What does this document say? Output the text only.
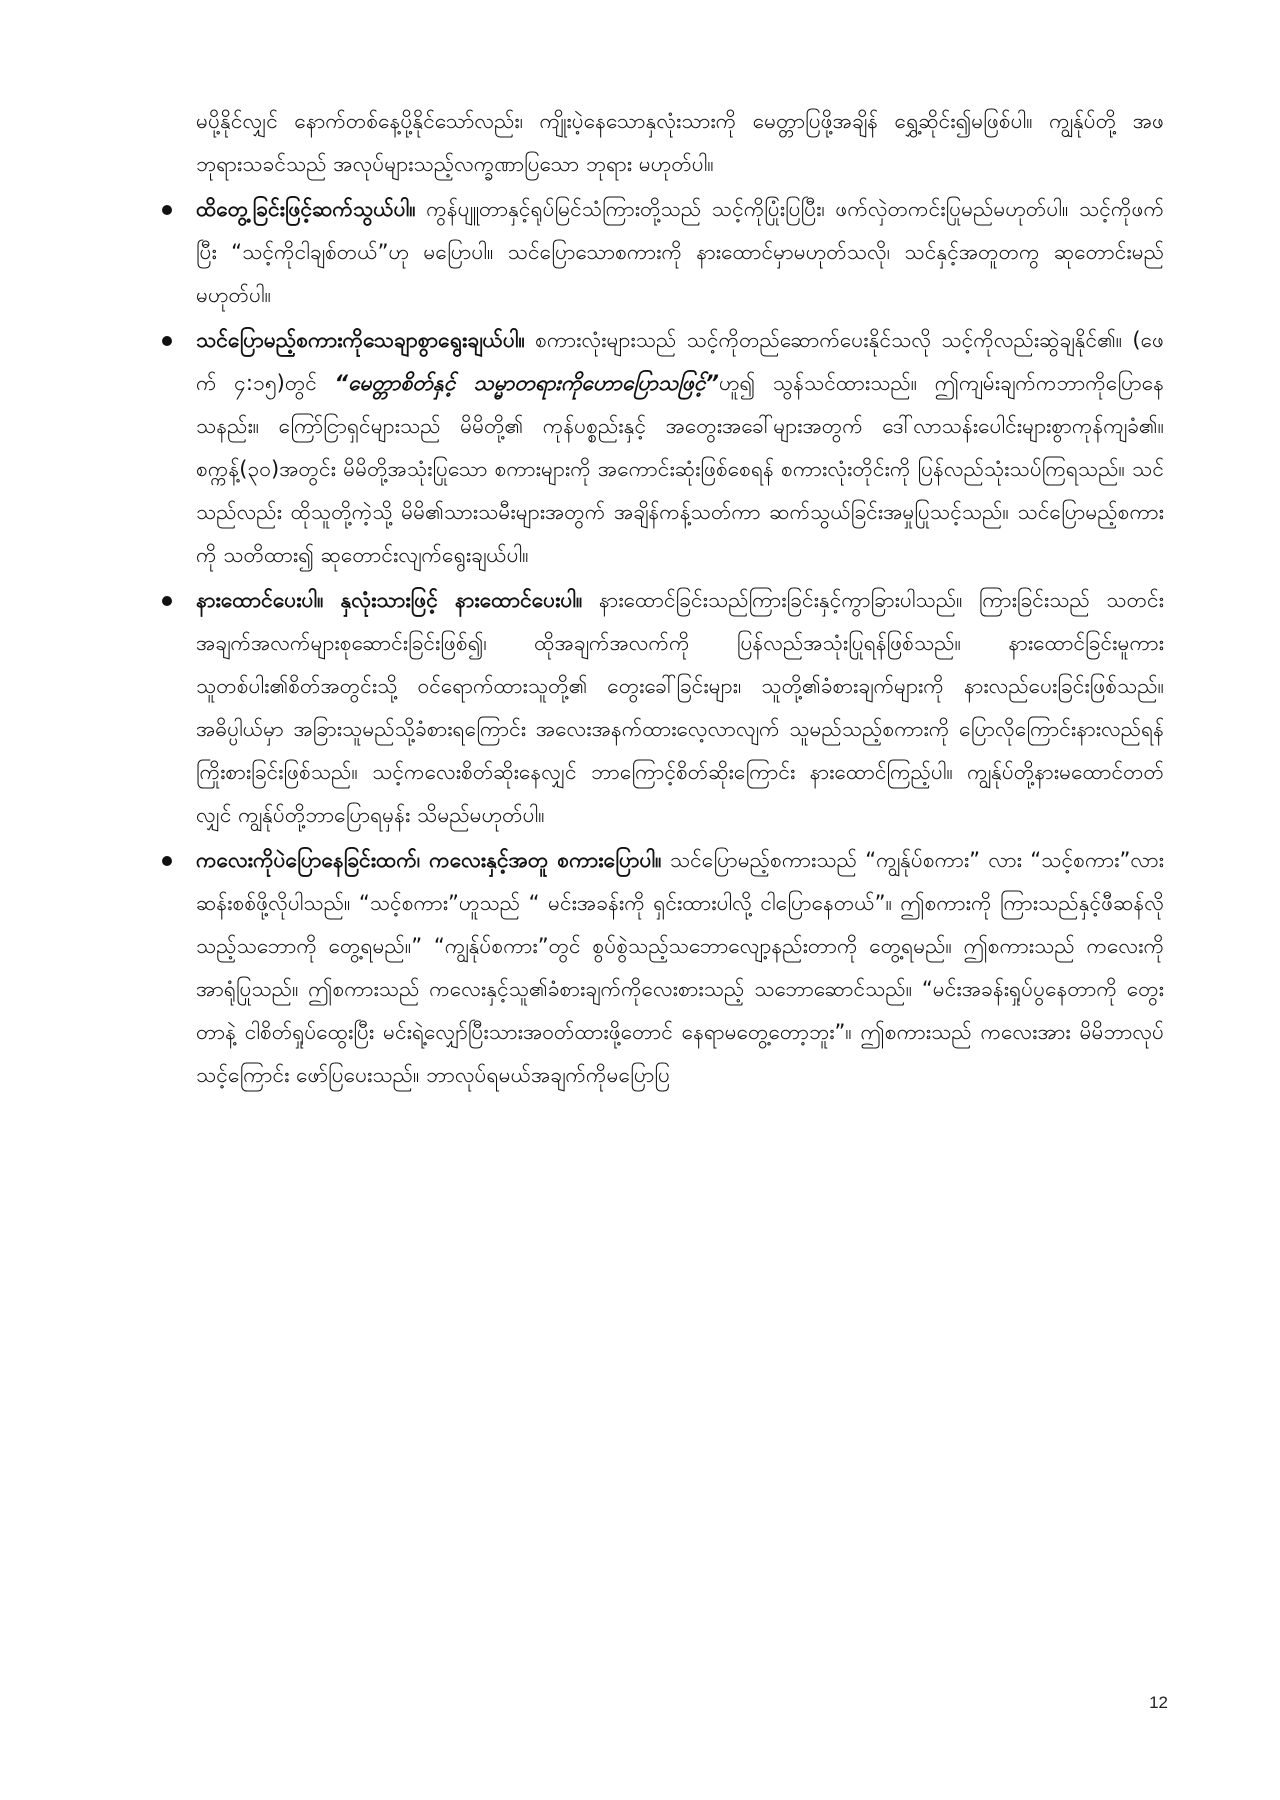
မပို့နိုင်လျှင် နောက်တစ်နေ့ပို့နိုင်သော်လည်း၊ ကျိုးပဲ့နေသောနှလုံးသားကို မေတ္တာပြဖို့အချိန် ရွှေ့ဆိုင်း၍မဖြစ်ပါ။ ကျွန်ုပ်တို့ အဖဘုရားသခင်သည် အလုပ်များသည့်လက္ခဏာပြသော ဘုရား မဟုတ်ပါ။

ထိတွေ့ခြင်းဖြင့်ဆက်သွယ်ပါ။ ကွန်ပျူတာနှင့်ရုပ်မြင်သံကြားတို့သည် သင့်ကိုပြုံးပြပြီး၊ ဖက်လှဲတကင်းပြုမည်မဟုတ်ပါ။ သင့်ကိုဖက်ပြီး “သင့်ကိုငါချစ်တယ်”ဟု မပြောပါ။ သင်ပြောသောစကားကို နားထောင်မှာမဟုတ်သလို၊ သင်နှင့်အတူတကွ ဆုတောင်းမည်မဟုတ်ပါ။
သင်ပြောမည့်စကားကိုသေချာစွာရွေးချယ်ပါ။ စကားလုံးများသည် သင့်ကိုတည်ဆောက်ပေးနိုင်သလို သင့်ကိုလည်းဆွဲချနိုင်၏။ (ဖေက် ၄:၁၅)တွင် “မေတ္တာစိတ်နှင့် သမ္မာတရားကိုဟောပြောသဖြင့်”ဟူ၍ သွန်သင်ထားသည်။ ဤကျမ်းချက်ကဘာကိုပြောနေသနည်း။ ကြော်ငြာရှင်များသည် မိမိတို့၏ ကုန်ပစ္စည်းနှင့် အတွေးအခေါ်များအတွက် ဒေါ်လာသန်းပေါင်းများစွာကုန်ကျခံ၏။ စက္ကန့်(၃၀)အတွင်း မိမိတို့အသုံးပြုသော စကားများကို အကောင်းဆုံးဖြစ်စေရန် စကားလုံးတိုင်းကို ပြန်လည်သုံးသပ်ကြရသည်။ သင်သည်လည်း ထိုသူတို့ကဲ့သို့ မိမိ၏သားသမီးများအတွက် အချိန်ကန့်သတ်ကာ ဆက်သွယ်ခြင်းအမှုပြုသင့်သည်။ သင်ပြောမည့်စကားကို သတိထား၍ ဆုတောင်းလျက်ရွေးချယ်ပါ။
နားထောင်ပေးပါ။ နှလုံးသားဖြင့် နားထောင်ပေးပါ။ နားထောင်ခြင်းသည်ကြားခြင်းနှင့်ကွာခြားပါသည်။ ကြားခြင်းသည် သတင်းအချက်အလက်များစုဆောင်းခြင်းဖြစ်၍၊ ထိုအချက်အလက်ကို ပြန်လည်အသုံးပြုရန်ဖြစ်သည်။ နားထောင်ခြင်းမူကား သူတစ်ပါး၏စိတ်အတွင်းသို့ ဝင်ရောက်ထားသူတို့၏ တွေးခေါ်ခြင်းများ၊ သူတို့၏ခံစားချက်များကို နားလည်ပေးခြင်းဖြစ်သည်။ အဓိပ္ပါယ်မှာ အခြားသူမည်သို့ခံစားရကြောင်း အလေးအနက်ထားလေ့လာလျက် သူမည်သည့်စကားကို ပြောလိုကြောင်းနားလည်ရန် ကြိုးစားခြင်းဖြစ်သည်။ သင့်ကလေးစိတ်ဆိုးနေလျှင် ဘာကြောင့်စိတ်ဆိုးကြောင်း နားထောင်ကြည့်ပါ။ ကျွန်ုပ်တို့နားမထောင်တတ်လျှင် ကျွန်ုပ်တို့ဘာပြောရမှန်း သိမည်မဟုတ်ပါ။
ကလေးကိုပဲပြောနေခြင်းထက်၊ ကလေးနှင့်အတူ စကားပြောပါ။ သင်ပြောမည့်စကားသည် “ကျွန်ုပ်စကား” လား “သင့်စကား”လား ဆန်းစစ်ဖို့လိုပါသည်။ “သင့်စကား”ဟူသည် “ မင်းအခန်းကို ရှင်းထားပါလို့ ငါပြောနေတယ်”။ ဤစကားကို ကြားသည်နှင့်ဖီဆန်လိုသည့်သဘောကို တွေ့ရမည်။” “ကျွန်ုပ်စကား”တွင် စွပ်စွဲသည့်သဘောလျော့နည်းတာကို တွေ့ရမည်။ ဤစကားသည် ကလေးကိုအာရုံပြုသည်။ ဤစကားသည် ကလေးနှင့်သူ၏ခံစားချက်ကိုလေးစားသည့် သဘောဆောင်သည်။ “မင်းအခန်းရှုပ်ပွနေတာကို တွေးတာနဲ့ ငါစိတ်ရှုပ်ထွေးပြီး မင်းရဲ့လျှော်ပြီးသားအဝတ်ထားဖို့တောင် နေရာမတွေ့တော့ဘူး”။ ဤစကားသည် ကလေးအား မိမိဘာလုပ်သင့်ကြောင်း ဖော်ပြပေးသည်။ ဘာလုပ်ရမယ်အချက်ကိုမပြောပြ
12
